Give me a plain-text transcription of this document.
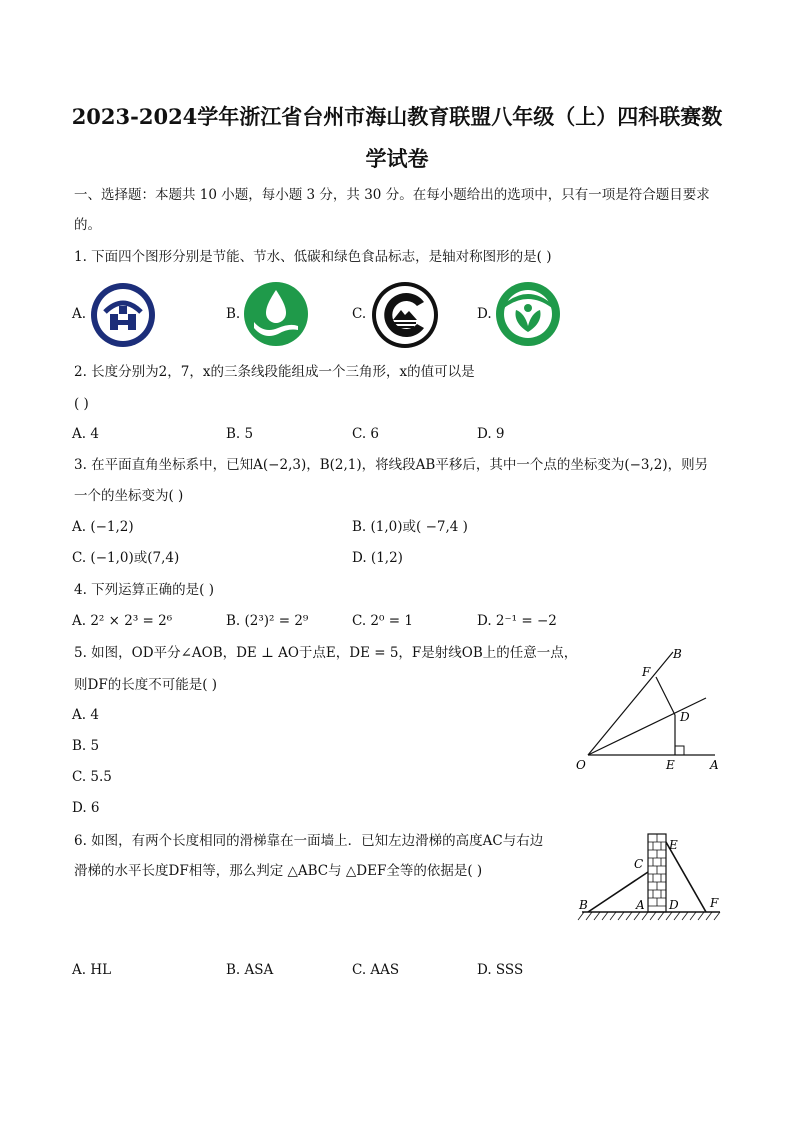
2023-2024学年浙江省台州市海山教育联盟八年级（上）四科联赛数
学试卷
一、选择题：本题共 10 小题，每小题 3 分，共 30 分。在每小题给出的选项中，只有一项是符合题目要求
的。
1. 下面四个图形分别是节能、节水、低碳和绿色食品标志，是轴对称图形的是( )
A.	B.	C.	D.
2. 长度分别为2，7，x的三条线段能组成一个三角形，x的值可以是
( )
A. 4	B. 5	C. 6	D. 9
3. 在平面直角坐标系中，已知A(−2,3)，B(2,1)，将线段AB平移后，其中一个点的坐标变为(−3,2)，则另
一个的坐标变为( )
A. (−1,2)	B. (1,0)或( −7,4 )
C. (−1,0)或(7,4)	D. (1,2)
4. 下列运算正确的是( )
A. 2² × 2³ = 2⁶	B. (2³)² = 2⁹	C. 2⁰ = 1	D. 2⁻¹ = −2
5. 如图，OD平分∠AOB，DE ⊥ AO于点E，DE = 5，F是射线OB上的任意一点，
则DF的长度不可能是( )
A. 4
B. 5
C. 5.5
D. 6
B
F
D
O	E	A
6. 如图，有两个长度相同的滑梯靠在一面墙上．已知左边滑梯的高度AC与右边
滑梯的水平长度DF相等，那么判定 △ABC与 △DEF全等的依据是( )
A. HL	B. ASA	C. AAS	D. SSS
C
E
B	A D	F
